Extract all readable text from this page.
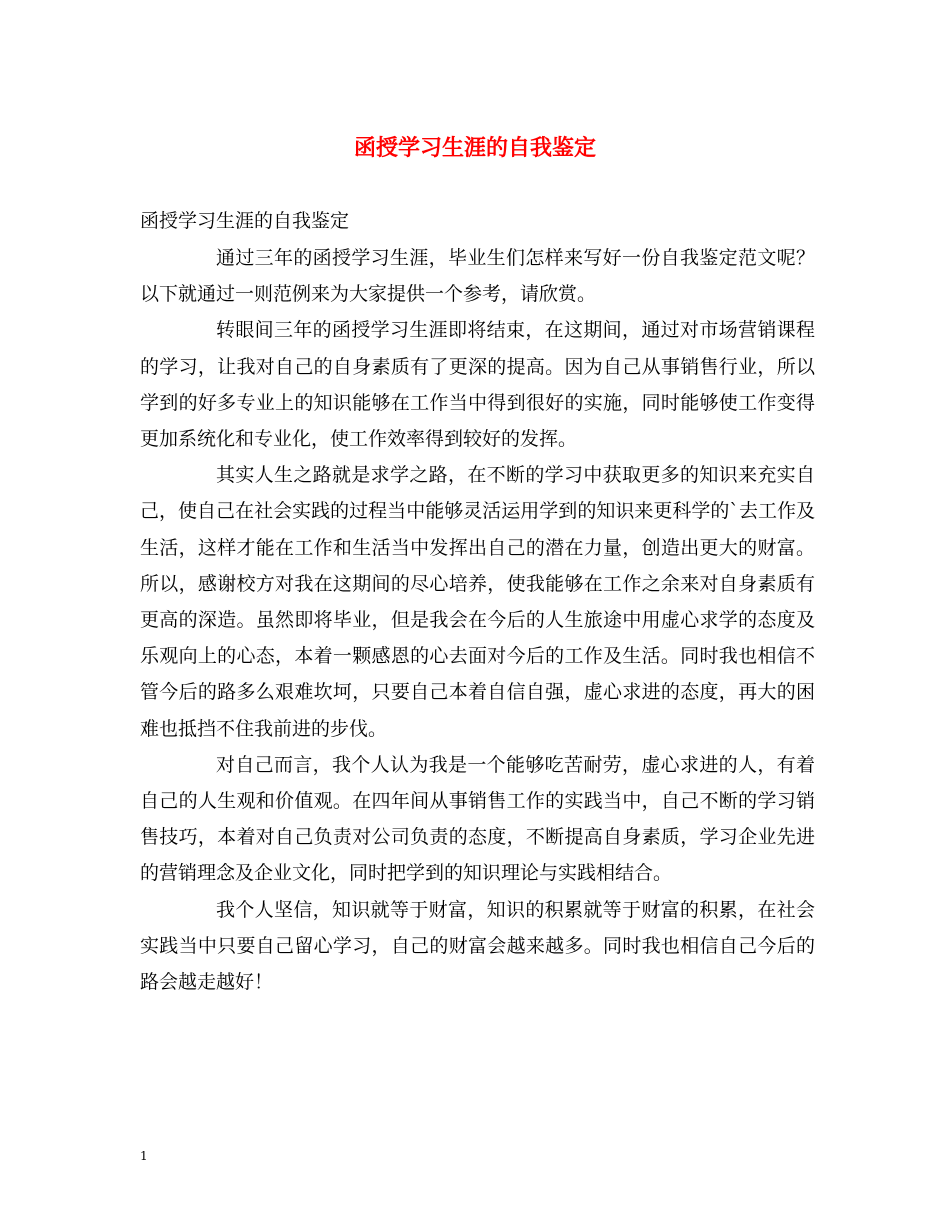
函授学习生涯的自我鉴定
函授学习生涯的自我鉴定

通过三年的函授学习生涯，毕业生们怎样来写好一份自我鉴定范文呢？以下就通过一则范例来为大家提供一个参考，请欣赏。

转眼间三年的函授学习生涯即将结束，在这期间，通过对市场营销课程的学习，让我对自己的自身素质有了更深的提高。因为自己从事销售行业，所以学到的好多专业上的知识能够在工作当中得到很好的实施，同时能够使工作变得更加系统化和专业化，使工作效率得到较好的发挥。

其实人生之路就是求学之路，在不断的学习中获取更多的知识来充实自己，使自己在社会实践的过程当中能够灵活运用学到的知识来更科学的`去工作及生活，这样才能在工作和生活当中发挥出自己的潜在力量，创造出更大的财富。所以，感谢校方对我在这期间的尽心培养，使我能够在工作之余来对自身素质有更高的深造。虽然即将毕业，但是我会在今后的人生旅途中用虚心求学的态度及乐观向上的心态，本着一颗感恩的心去面对今后的工作及生活。同时我也相信不管今后的路多么艰难坎坷，只要自己本着自信自强，虚心求进的态度，再大的困难也抵挡不住我前进的步伐。

对自己而言，我个人认为我是一个能够吃苦耐劳，虚心求进的人，有着自己的人生观和价值观。在四年间从事销售工作的实践当中，自己不断的学习销售技巧，本着对自己负责对公司负责的态度，不断提高自身素质，学习企业先进的营销理念及企业文化，同时把学到的知识理论与实践相结合。

我个人坚信，知识就等于财富，知识的积累就等于财富的积累，在社会实践当中只要自己留心学习，自己的财富会越来越多。同时我也相信自己今后的路会越走越好！

1
